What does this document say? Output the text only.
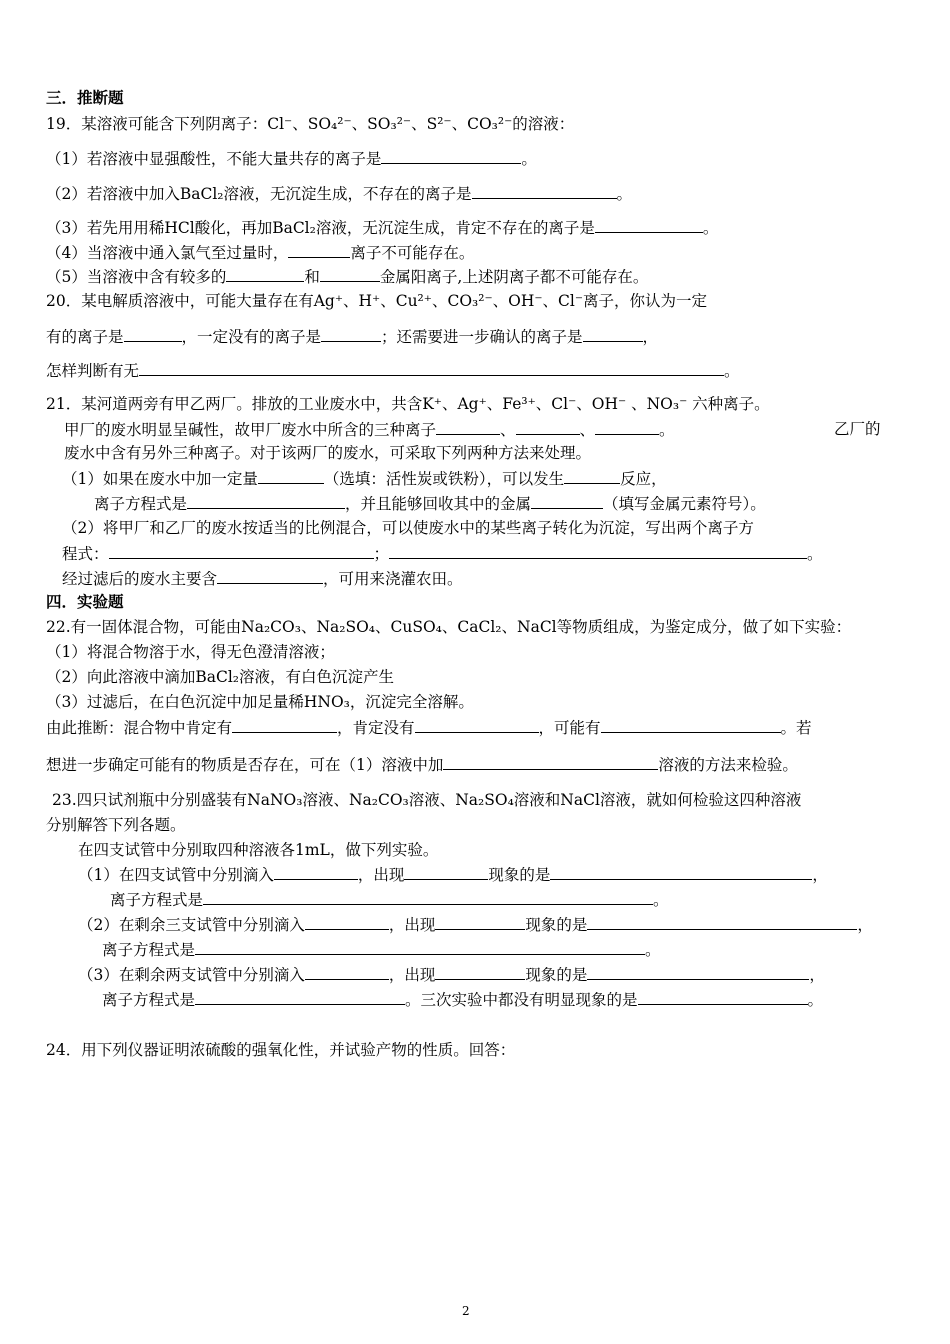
三．推断题
19．某溶液可能含下列阴离子：Cl⁻、SO₄²⁻、SO₃²⁻、S²⁻、CO₃²⁻的溶液：
（1）若溶液中显强酸性，不能大量共存的离子是	。
（2）若溶液中加入BaCl₂溶液，无沉淀生成，不存在的离子是	。
（3）若先用用稀HCl酸化，再加BaCl₂溶液，无沉淀生成，肯定不存在的离子是	。
（4）当溶液中通入氯气至过量时，	离子不可能存在。
（5）当溶液中含有较多的	和	金属阳离子,上述阴离子都不可能存在。
20．某电解质溶液中，可能大量存在有Ag⁺、H⁺、Cu²⁺、CO₃²⁻、OH⁻、Cl⁻离子，你认为一定
有的离子是	，一定没有的离子是	；还需要进一步确认的离子是	，
怎样判断有无	。
21．某河道两旁有甲乙两厂。排放的工业废水中，共含K⁺、Ag⁺、Fe³⁺、Cl⁻、OH⁻ 、NO₃⁻ 六种离子。
甲厂的废水明显呈碱性，故甲厂废水中所含的三种离子	、	、	。	乙厂的
废水中含有另外三种离子。对于该两厂的废水，可采取下列两种方法来处理。
（1）如果在废水中加一定量	（选填：活性炭或铁粉），可以发生	反应，
离子方程式是	，并且能够回收其中的金属	（填写金属元素符号）。
（2）将甲厂和乙厂的废水按适当的比例混合，可以使废水中的某些离子转化为沉淀，写出两个离子方
程式：	；	。
经过滤后的废水主要含	，可用来浇灌农田。
四．实验题
22.有一固体混合物，可能由Na₂CO₃、Na₂SO₄、CuSO₄、CaCl₂、NaCl等物质组成，为鉴定成分，做了如下实验：
（1）将混合物溶于水，得无色澄清溶液；
（2）向此溶液中滴加BaCl₂溶液，有白色沉淀产生
（3）过滤后，在白色沉淀中加足量稀HNO₃，沉淀完全溶解。
由此推断：混合物中肯定有	，肯定没有	，可能有	。若
想进一步确定可能有的物质是否存在，可在（1）溶液中加	溶液的方法来检验。
23.四只试剂瓶中分别盛装有NaNO₃溶液、Na₂CO₃溶液、Na₂SO₄溶液和NaCl溶液，就如何检验这四种溶液
分别解答下列各题。
在四支试管中分别取四种溶液各1mL，做下列实验。
（1）在四支试管中分别滴入	，出现	现象的是	，
离子方程式是	。
（2）在剩余三支试管中分别滴入	，出现	现象的是	，
离子方程式是	。
（3）在剩余两支试管中分别滴入	，出现	现象的是	，
离子方程式是	。三次实验中都没有明显现象的是	。
24．用下列仪器证明浓硫酸的强氧化性，并试验产物的性质。回答：
2
